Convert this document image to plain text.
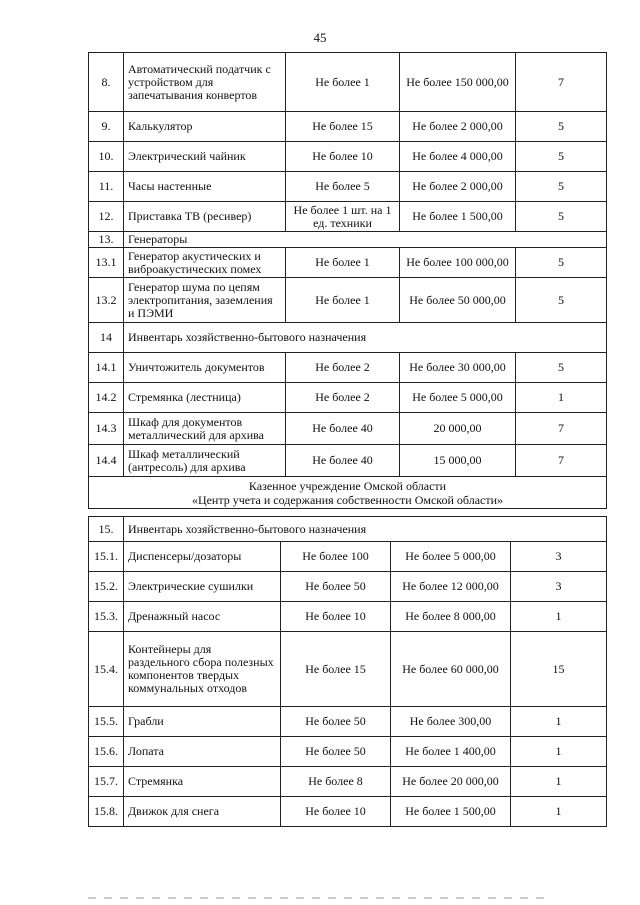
45
8.	Автоматический податчик с устройством для запечатывания конвертов	Не более 1	Не более 150 000,00	7
9.	Калькулятор	Не более 15	Не более 2 000,00	5
10.	Электрический чайник	Не более 10	Не более 4 000,00	5
11.	Часы настенные	Не более 5	Не более 2 000,00	5
12.	Приставка ТВ (ресивер)	Не более 1 шт. на 1 ед. техники	Не более 1 500,00	5
13.	Генераторы			
13.1	Генератор акустических и виброакустических помех	Не более 1	Не более 100 000,00	5
13.2	Генератор шума по цепям электропитания, заземления и ПЭМИ	Не более 1	Не более 50 000,00	5
14	Инвентарь хозяйственно-бытового назначения			
14.1	Уничтожитель документов	Не более 2	Не более 30 000,00	5
14.2	Стремянка (лестница)	Не более 2	Не более 5 000,00	1
14.3	Шкаф для документов металлический для архива	Не более 40	20 000,00	7
14.4	Шкаф металлический (антресоль) для архива	Не более 40	15 000,00	7

Казенное учреждение Омской области
«Центр учета и содержания собственности Омской области»				
15.	Инвентарь хозяйственно-бытового назначения			
15.1.	Диспенсеры/дозаторы	Не более 100	Не более 5 000,00	3
15.2.	Электрические сушилки	Не более 50	Не более 12 000,00	3
15.3.	Дренажный насос	Не более 10	Не более 8 000,00	1
15.4.	Контейнеры для раздельного сбора полезных компонентов твердых коммунальных отходов	Не более 15	Не более 60 000,00	15
15.5.	Грабли	Не более 50	Не более 300,00	1
15.6.	Лопата	Не более 50	Не более 1 400,00	1
15.7.	Стремянка	Не более 8	Не более 20 000,00	1
15.8.	Движок для снега	Не более 10	Не более 1 500,00	1
